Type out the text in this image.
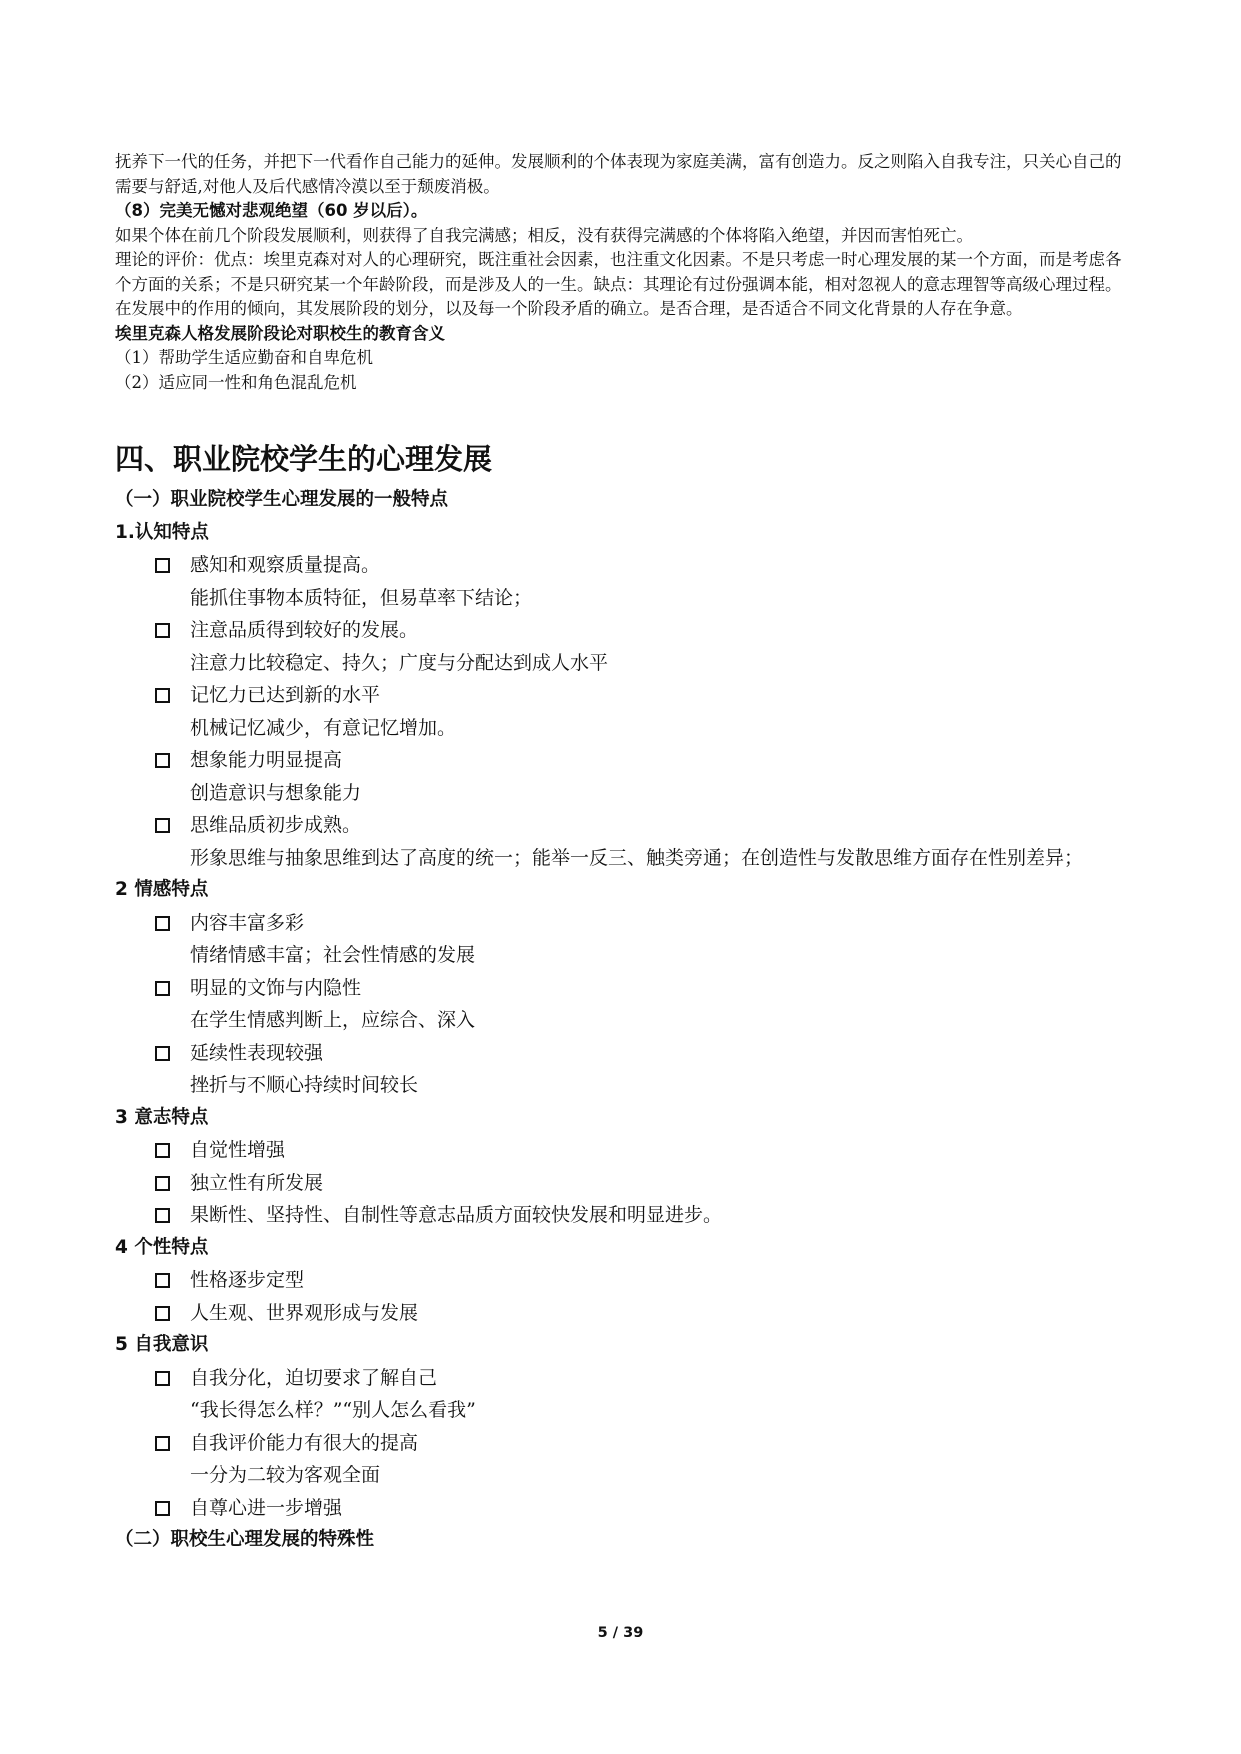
抚养下一代的任务，并把下一代看作自己能力的延伸。发展顺利的个体表现为家庭美满，富有创造力。反之则陷入自我专注，只关心自己的需要与舒适,对他人及后代感情冷漠以至于颓废消极。

（8）完美无憾对悲观绝望（60 岁以后）。

如果个体在前几个阶段发展顺利，则获得了自我完满感；相反，没有获得完满感的个体将陷入绝望，并因而害怕死亡。

理论的评价：优点：埃里克森对对人的心理研究，既注重社会因素，也注重文化因素。不是只考虑一时心理发展的某一个方面，而是考虑各个方面的关系；不是只研究某一个年龄阶段，而是涉及人的一生。缺点：其理论有过份强调本能，相对忽视人的意志理智等高级心理过程。在发展中的作用的倾向，其发展阶段的划分，以及每一个阶段矛盾的确立。是否合理，是否适合不同文化背景的人存在争意。

埃里克森人格发展阶段论对职校生的教育含义

（1）帮助学生适应勤奋和自卑危机

（2）适应同一性和角色混乱危机

四、职业院校学生的心理发展
（一）职业院校学生心理发展的一般特点
1.认知特点
感知和观察质量提高。
能抓住事物本质特征，但易草率下结论；
注意品质得到较好的发展。
注意力比较稳定、持久；广度与分配达到成人水平
记忆力已达到新的水平
机械记忆减少，有意记忆增加。
想象能力明显提高
创造意识与想象能力
思维品质初步成熟。
形象思维与抽象思维到达了高度的统一；能举一反三、触类旁通；在创造性与发散思维方面存在性别差异；
2 情感特点
内容丰富多彩
情绪情感丰富；社会性情感的发展
明显的文饰与内隐性
在学生情感判断上，应综合、深入
延续性表现较强
挫折与不顺心持续时间较长
3 意志特点
自觉性增强
独立性有所发展
果断性、坚持性、自制性等意志品质方面较快发展和明显进步。
4 个性特点
性格逐步定型
人生观、世界观形成与发展
5 自我意识
自我分化，迫切要求了解自己
“我长得怎么样？”“别人怎么看我”
自我评价能力有很大的提高
一分为二较为客观全面
自尊心进一步增强
（二）职校生心理发展的特殊性
5 / 39
